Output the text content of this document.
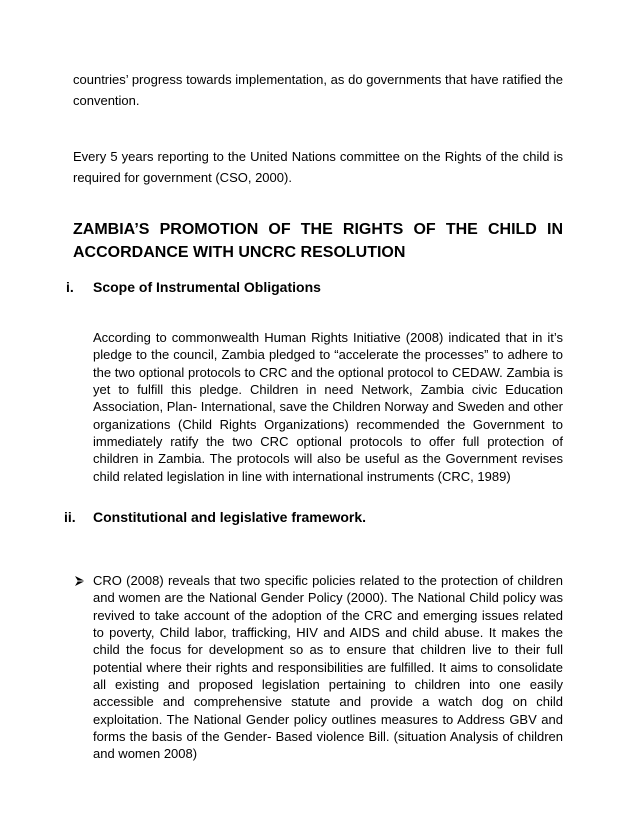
countries’ progress towards implementation, as do governments that have ratified the convention.
Every 5 years reporting to the United Nations committee on the Rights of the child is required for government (CSO, 2000).
ZAMBIA’S PROMOTION OF THE RIGHTS OF THE CHILD IN ACCORDANCE WITH UNCRC RESOLUTION
i. Scope of Instrumental Obligations
According to commonwealth Human Rights Initiative (2008) indicated that in it’s pledge to the council, Zambia pledged to “accelerate the processes” to adhere to the two optional protocols to CRC and the optional protocol to CEDAW. Zambia is yet to fulfill this pledge. Children in need Network, Zambia civic Education Association, Plan- International, save the Children Norway and Sweden and other organizations (Child Rights Organizations) recommended the Government to immediately ratify the two CRC optional protocols to offer full protection of children in Zambia. The protocols will also be useful as the Government revises child related legislation in line with international instruments (CRC, 1989)
ii. Constitutional and legislative framework.
CRO (2008) reveals that two specific policies related to the protection of children and women are the National Gender Policy (2000). The National Child policy was revived to take account of the adoption of the CRC and emerging issues related to poverty, Child labor, trafficking, HIV and AIDS and child abuse. It makes the child the focus for development so as to ensure that children live to their full potential where their rights and responsibilities are fulfilled. It aims to consolidate all existing and proposed legislation pertaining to children into one easily accessible and comprehensive statute and provide a watch dog on child exploitation. The National Gender policy outlines measures to Address GBV and forms the basis of the Gender- Based violence Bill. (situation Analysis of children and women 2008)
